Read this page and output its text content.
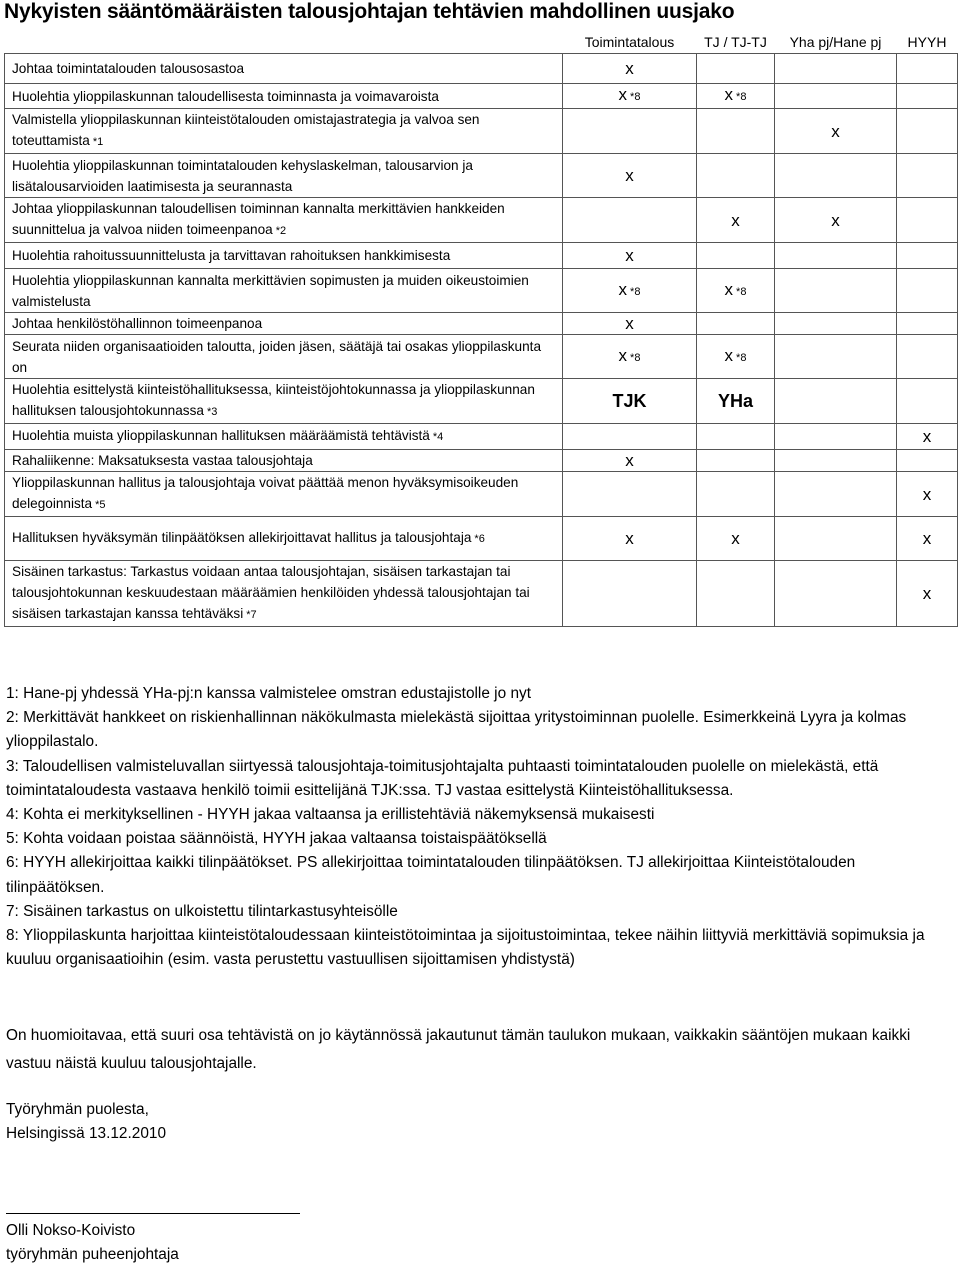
Nykyisten sääntömääräisten talousjohtajan tehtävien mahdollinen uusjako
	Toimintatalous	TJ / TJ-TJ	Yha pj/Hane pj	HYYH
Johtaa toimintatalouden talousosastoa	x			
Huolehtia ylioppilaskunnan taloudellisesta toiminnasta ja voimavaroista	x *8	x *8		
Valmistella ylioppilaskunnan kiinteistötalouden omistajastrategia ja valvoa sen toteuttamista *1			x	
Huolehtia ylioppilaskunnan toimintatalouden kehyslaskelman, talousarvion ja lisätalousarvioiden laatimisesta ja seurannasta	x			
Johtaa ylioppilaskunnan taloudellisen toiminnan kannalta merkittävien hankkeiden suunnittelua ja valvoa niiden toimeenpanoa *2		x	x	
Huolehtia rahoitussuunnittelusta ja tarvittavan rahoituksen hankkimisesta	x			
Huolehtia ylioppilaskunnan kannalta merkittävien sopimusten ja muiden oikeustoimien valmistelusta	x *8	x *8		
Johtaa henkilöstöhallinnon toimeenpanoa	x			
Seurata niiden organisaatioiden taloutta, joiden jäsen, säätäjä tai osakas ylioppilaskunta on	x *8	x *8		
Huolehtia esittelystä kiinteistöhallituksessa, kiinteistöjohtokunnassa ja ylioppilaskunnan hallituksen talousjohtokunnassa *3	TJK	YHa		
Huolehtia muista ylioppilaskunnan hallituksen määräämistä tehtävistä *4				x
Rahaliikenne: Maksatuksesta vastaa talousjohtaja	x			
Ylioppilaskunnan hallitus ja talousjohtaja voivat päättää menon hyväksymisoikeuden delegoinnista *5				x
Hallituksen hyväksymän tilinpäätöksen allekirjoittavat hallitus ja talousjohtaja *6	x	x		x
Sisäinen tarkastus: Tarkastus voidaan antaa talousjohtajan, sisäisen tarkastajan tai talousjohtokunnan keskuudestaan määräämien henkilöiden yhdessä talousjohtajan tai sisäisen tarkastajan kanssa tehtäväksi *7				x

1: Hane-pj yhdessä YHa-pj:n kanssa valmistelee omstran edustajistolle jo nyt

2: Merkittävät hankkeet on riskienhallinnan näkökulmasta mielekästä sijoittaa yritystoiminnan puolelle. Esimerkkeinä Lyyra ja kolmas ylioppilastalo.

3: Taloudellisen valmisteluvallan siirtyessä talousjohtaja-toimitusjohtajalta puhtaasti toimintatalouden puolelle on mielekästä, että toimintataloudesta vastaava henkilö toimii esittelijänä TJK:ssa. TJ vastaa esittelystä Kiinteistöhallituksessa.

4: Kohta ei merkityksellinen - HYYH jakaa valtaansa ja erillistehtäviä näkemyksensä mukaisesti

5: Kohta voidaan poistaa säännöistä, HYYH jakaa valtaansa toistaispäätöksellä

6: HYYH allekirjoittaa kaikki tilinpäätökset. PS allekirjoittaa toimintatalouden tilinpäätöksen. TJ allekirjoittaa Kiinteistötalouden tilinpäätöksen.

7: Sisäinen tarkastus on ulkoistettu tilintarkastusyhteisölle

8: Ylioppilaskunta harjoittaa kiinteistötaloudessaan kiinteistötoimintaa ja sijoitustoimintaa, tekee näihin liittyviä merkittäviä sopimuksia ja kuuluu organisaatioihin (esim. vasta perustettu vastuullisen sijoittamisen yhdistystä)

On huomioitavaa, että suuri osa tehtävistä on jo käytännössä jakautunut tämän taulukon mukaan, vaikkakin sääntöjen mukaan kaikki vastuu näistä kuuluu talousjohtajalle.
Työryhmän puolesta,
Helsingissä 13.12.2010
Olli Nokso-Koivisto
työryhmän puheenjohtaja
